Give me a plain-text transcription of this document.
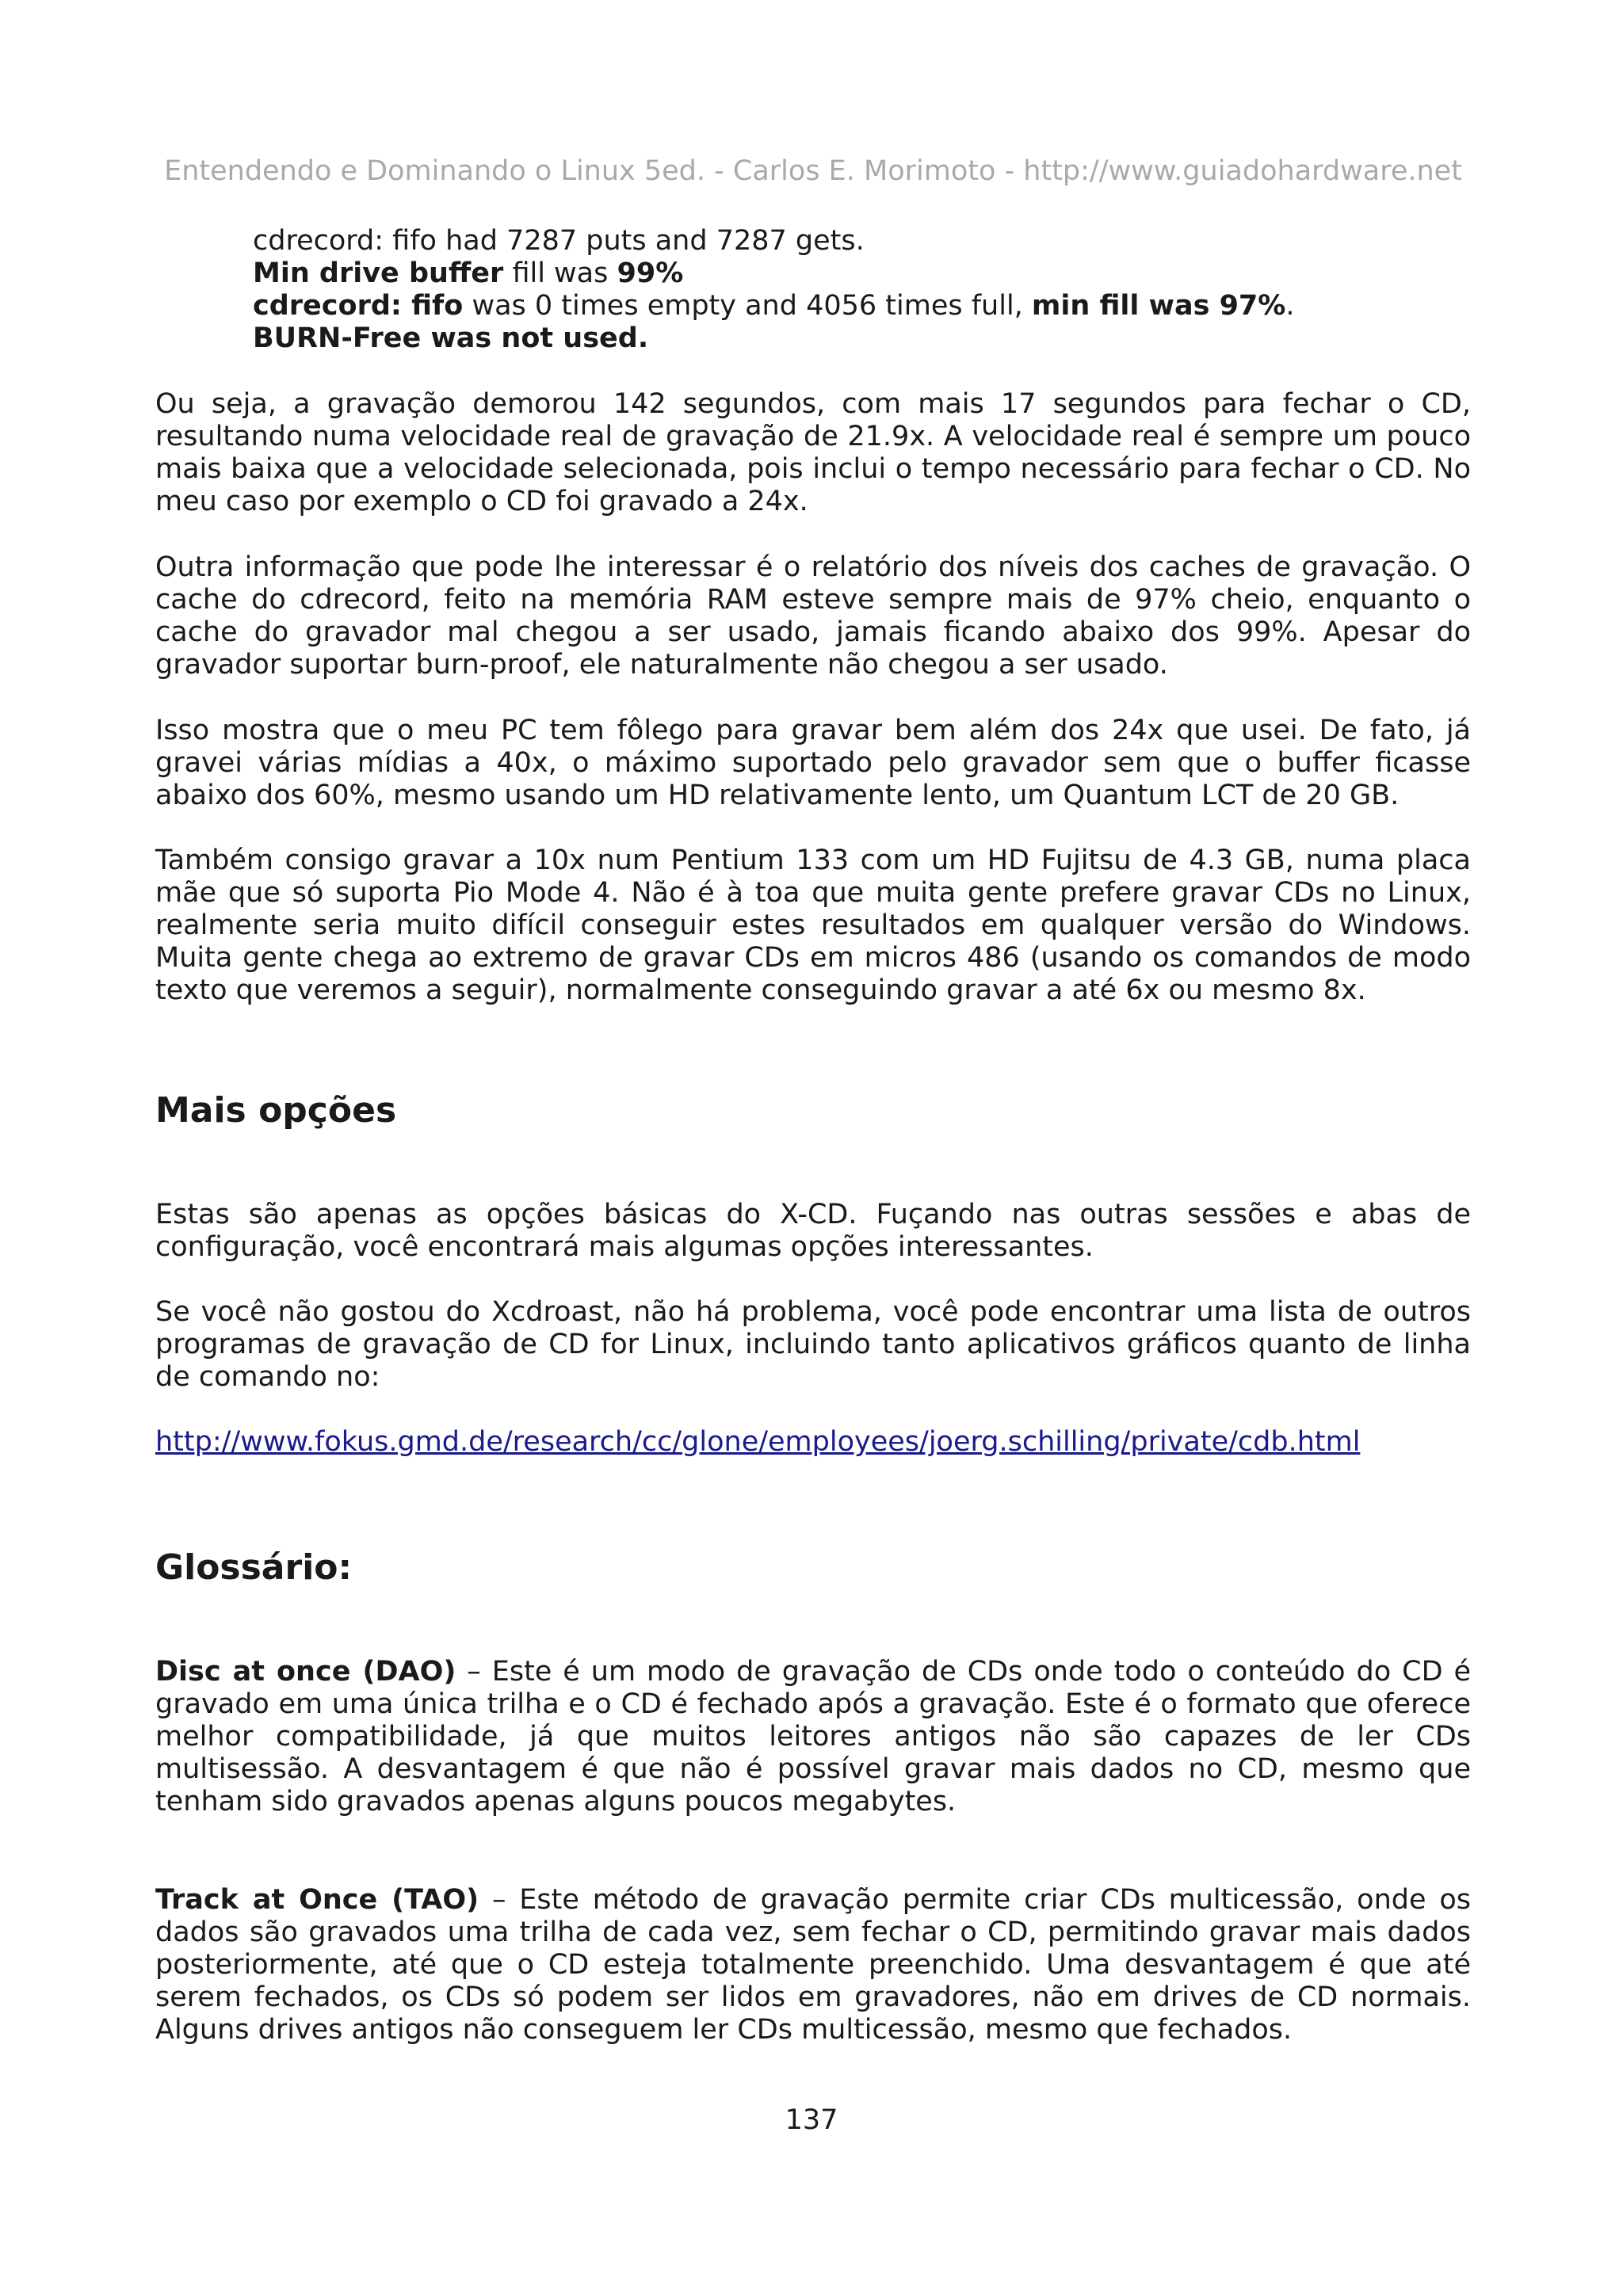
Entendendo e Dominando o Linux 5ed. - Carlos E. Morimoto - http://www.guiadohardware.net
cdrecord: fifo had 7287 puts and 7287 gets.
Min drive buffer fill was 99%
cdrecord: fifo was 0 times empty and 4056 times full, min fill was 97%.
BURN-Free was not used.

Ou seja, a gravação demorou 142 segundos, com mais 17 segundos para fechar o CD, resultando numa velocidade real de gravação de 21.9x. A velocidade real é sempre um pouco mais baixa que a velocidade selecionada, pois inclui o tempo necessário para fechar o CD. No meu caso por exemplo o CD foi gravado a 24x.

Outra informação que pode lhe interessar é o relatório dos níveis dos caches de gravação. O cache do cdrecord, feito na memória RAM esteve sempre mais de 97% cheio, enquanto o cache do gravador mal chegou a ser usado, jamais ficando abaixo dos 99%. Apesar do gravador suportar burn-proof, ele naturalmente não chegou a ser usado.

Isso mostra que o meu PC tem fôlego para gravar bem além dos 24x que usei. De fato, já gravei várias mídias a 40x, o máximo suportado pelo gravador sem que o buffer ficasse abaixo dos 60%, mesmo usando um HD relativamente lento, um Quantum LCT de 20 GB.

Também consigo gravar a 10x num Pentium 133 com um HD Fujitsu de 4.3 GB, numa placa mãe que só suporta Pio Mode 4. Não é à toa que muita gente prefere gravar CDs no Linux, realmente seria muito difícil conseguir estes resultados em qualquer versão do Windows. Muita gente chega ao extremo de gravar CDs em micros 486 (usando os comandos de modo texto que veremos a seguir), normalmente conseguindo gravar a até 6x ou mesmo 8x.

Mais opções

Estas são apenas as opções básicas do X-CD. Fuçando nas outras sessões e abas de configuração, você encontrará mais algumas opções interessantes.

Se você não gostou do Xcdroast, não há problema, você pode encontrar uma lista de outros programas de gravação de CD for Linux, incluindo tanto aplicativos gráficos quanto de linha de comando no:

http://www.fokus.gmd.de/research/cc/glone/employees/joerg.schilling/private/cdb.html
Glossário:

Disc at once (DAO) – Este é um modo de gravação de CDs onde todo o conteúdo do CD é gravado em uma única trilha e o CD é fechado após a gravação. Este é o formato que oferece melhor compatibilidade, já que muitos leitores antigos não são capazes de ler CDs multisessão. A desvantagem é que não é possível gravar mais dados no CD, mesmo que tenham sido gravados apenas alguns poucos megabytes.

Track at Once (TAO) – Este método de gravação permite criar CDs multicessão, onde os dados são gravados uma trilha de cada vez, sem fechar o CD, permitindo gravar mais dados posteriormente, até que o CD esteja totalmente preenchido. Uma desvantagem é que até serem fechados, os CDs só podem ser lidos em gravadores, não em drives de CD normais. Alguns drives antigos não conseguem ler CDs multicessão, mesmo que fechados.

137
